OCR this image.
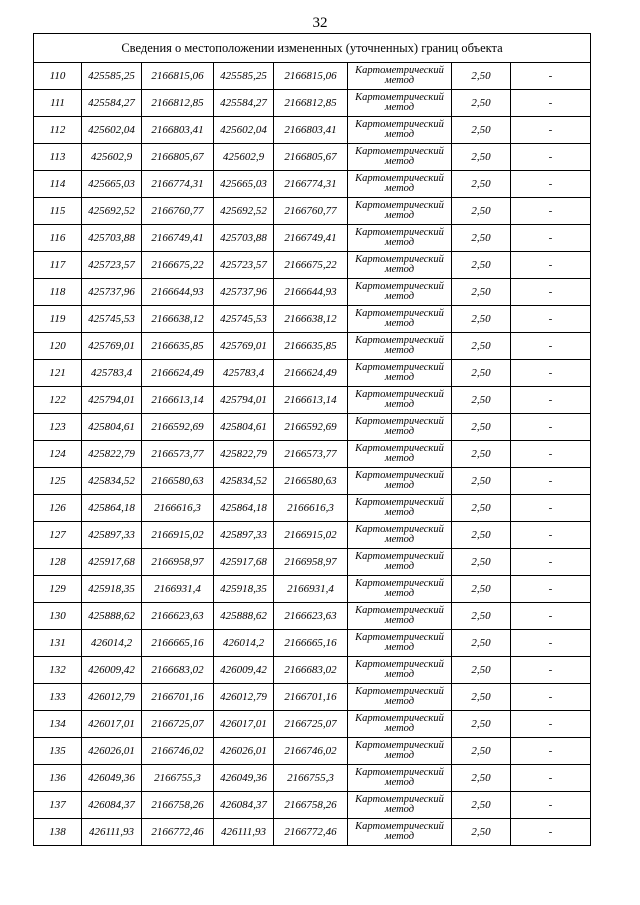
32
Сведения о местоположении измененных (уточненных) границ объекта							
110	425585,25	2166815,06	425585,25	2166815,06	Картометрический метод	2,50	-
111	425584,27	2166812,85	425584,27	2166812,85	Картометрический метод	2,50	-
112	425602,04	2166803,41	425602,04	2166803,41	Картометрический метод	2,50	-
113	425602,9	2166805,67	425602,9	2166805,67	Картометрический метод	2,50	-
114	425665,03	2166774,31	425665,03	2166774,31	Картометрический метод	2,50	-
115	425692,52	2166760,77	425692,52	2166760,77	Картометрический метод	2,50	-
116	425703,88	2166749,41	425703,88	2166749,41	Картометрический метод	2,50	-
117	425723,57	2166675,22	425723,57	2166675,22	Картометрический метод	2,50	-
118	425737,96	2166644,93	425737,96	2166644,93	Картометрический метод	2,50	-
119	425745,53	2166638,12	425745,53	2166638,12	Картометрический метод	2,50	-
120	425769,01	2166635,85	425769,01	2166635,85	Картометрический метод	2,50	-
121	425783,4	2166624,49	425783,4	2166624,49	Картометрический метод	2,50	-
122	425794,01	2166613,14	425794,01	2166613,14	Картометрический метод	2,50	-
123	425804,61	2166592,69	425804,61	2166592,69	Картометрический метод	2,50	-
124	425822,79	2166573,77	425822,79	2166573,77	Картометрический метод	2,50	-
125	425834,52	2166580,63	425834,52	2166580,63	Картометрический метод	2,50	-
126	425864,18	2166616,3	425864,18	2166616,3	Картометрический метод	2,50	-
127	425897,33	2166915,02	425897,33	2166915,02	Картометрический метод	2,50	-
128	425917,68	2166958,97	425917,68	2166958,97	Картометрический метод	2,50	-
129	425918,35	2166931,4	425918,35	2166931,4	Картометрический метод	2,50	-
130	425888,62	2166623,63	425888,62	2166623,63	Картометрический метод	2,50	-
131	426014,2	2166665,16	426014,2	2166665,16	Картометрический метод	2,50	-
132	426009,42	2166683,02	426009,42	2166683,02	Картометрический метод	2,50	-
133	426012,79	2166701,16	426012,79	2166701,16	Картометрический метод	2,50	-
134	426017,01	2166725,07	426017,01	2166725,07	Картометрический метод	2,50	-
135	426026,01	2166746,02	426026,01	2166746,02	Картометрический метод	2,50	-
136	426049,36	2166755,3	426049,36	2166755,3	Картометрический метод	2,50	-
137	426084,37	2166758,26	426084,37	2166758,26	Картометрический метод	2,50	-
138	426111,93	2166772,46	426111,93	2166772,46	Картометрический метод	2,50	-
